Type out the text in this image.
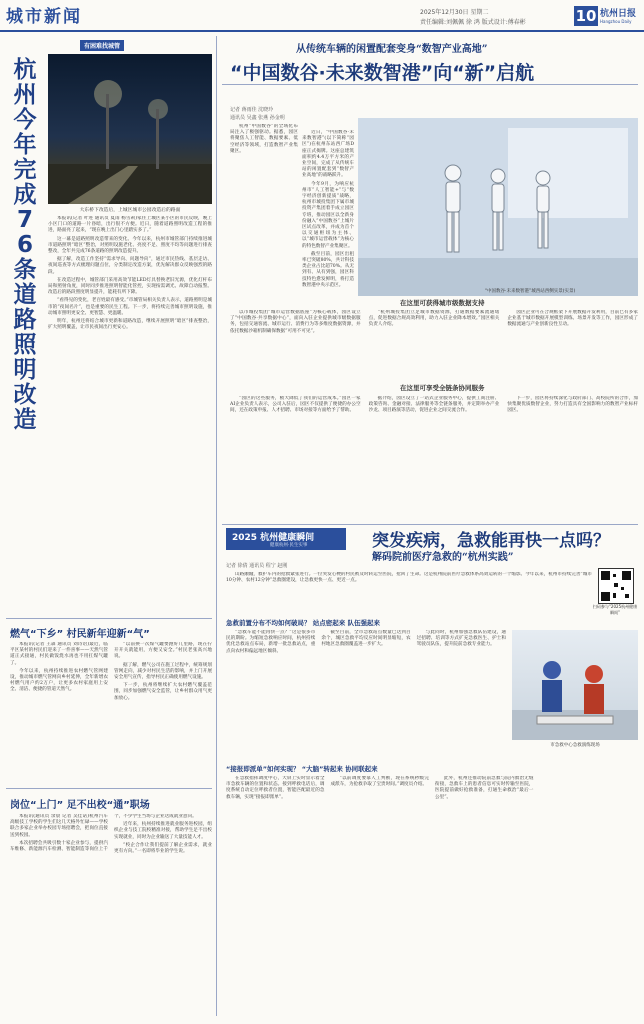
城市新闻	2025年12月30日 星期二
责任编辑:刘佩佩 徐 鸿 版式设计:傅春彬	10 杭州日报
Hangzhou Daily
有困难找城管
杭州今年完成76条道路照明改造
大东桥下改造后，上城区城市公园改造后的路面

本报讯(记者 叶进 通讯员 夏雨 杨雪莉)家住上城区某小区的市民反映，晚上小区门口的道路一片昏暗，出行很不方便。近日，随着道路照明改造工程的推进，路面亮了起来，“现在晚上出门心里踏实多了。”

这一幕是道路照明改造带来的变化。今年以来，杭州市城管部门持续推进城市道路照明“暗区”整治，对照明设施老化、亮度不足、照度不均等问题进行排查整改，全年共完成76条道路的照明改造提升。

据了解，改造工作坚持“需求导向、问题导向”，通过市民热线、基层走访、夜间巡查等方式梳理问题点位，分类制定改造方案，优先解决群众反映强烈的路段。

在改造过程中，城管部门采用高效节能LED灯具替换老旧光源，优化灯杆布局和照射角度，同时同步推进照明智能化管控，实现按需调光、故障自动报警。改造后的路段照度明显提升，能耗有所下降。

“看得见的变化，老百姓最有感受。”市城管局相关负责人表示，道路照明是城市的“夜间名片”，也是重要的民生工程。下一步，将持续完善城市照明设施，推动城市照明更安全、更智慧、更温暖。

明年，杭州还将结合城市更新和道路改造，继续开展照明“暗区”排查整治，扩大照明覆盖，让市民夜间出行更安心。

从传统车辆的闲置配套变身“数智产业高地”
“中国数谷·未来数智港”向“新”启航
记者 蒋雨佳 沈晓玲
通讯员 吴鑫 张燕 孙金明

杭州“中国数谷”的全域化布局注入了极强驱动。据悉，园区将聚焦人工智能、数据要素、低空经济等领域，打造数智产业集聚区。

近日，“中国数谷·未来数智港”(以下简称“园区”)在杭州东站西广场D座正式揭牌。这座总建筑面积约4.4万平方米的产业空间，完成了从传统车站的闲置配套到“数智产业高地”的战略跃升。

今年9月，为响应杭州市“人工智能+”与“数字经济创新提质”战略，杭州市城投集团下属市城投资产集团着手成立园区专班，推动园区以全新身份融入“中国数谷”上城片区试点改革，并成为首个以交通枢纽为主体、以“城市运营载体”为核心的特色数智产业集聚区。

截至目前，园区出租率已突破80%，共计科技类企业占比超70%。从无到有、从有到强，园区科技特色愈发鲜明，将打造数智港中央示范区。

“中国数谷·未来数智港”城西站西侧实景(实景)
在这里可获得城市级数据支持

以市城投集团“城市运营数据底座”为核心载体，园区设立了“中国数谷·共享数据中心”，面向入驻企业提供城市级数据服务，包括交通客流、城市运行、消费行为等多维度数据资源，并依托数据沙箱机制确保数据“可用不可见”。

“杭州城投集团立足城市数据资源，打通数据要素流通堵点，促进数据合规高效利用，助力入驻企业降本增效。”园区相关负责人介绍。

园区企业可在合规框架下开展数据开发利用，目前已有多家企业基于城市数据开展模型训练、场景开发等工作，园区形成了数据流通与产业创新良性互动。

在这里可享受全链条协同服务

“园区的这些服务，极大降低了我们的运营成本。”园区一家AI企业负责人表示，公司入驻后，园区不仅提供了便捷的办公空间，还在政策申报、人才招聘、市场对接等方面给予了帮助。

据介绍，园区设立了一站式企业服务中心，提供工商注册、政策咨询、金融对接、法律服务等全链条服务，并定期举办产业沙龙、项目路演等活动，促进企业之间交流合作。

下一步，园区将持续深化与政府部门、高校院所的合作，加快集聚优质数智企业，努力打造具有全国影响力的数智产业标杆园区。

燃气“下乡” 村民新年迎新“气”

本报讯(记者 王森 通讯员 刘诗语)最近，临平区某村的村民们迎来了一件喜事——天然气管道正式接通，村民做饭烧水再也不用扛煤气罐了。

今年以来，杭州持续推进农村燃气管网建设，推动城市燃气管网向乡村延伸，全年新增农村燃气用户约2万户，让更多农村家庭用上安全、清洁、便捷的管道天然气。

“以前换一次煤气罐要跑好几里路，现在拧开开关就能用，方便又安全。”村民老张高兴地说。

据了解，燃气公司在施工过程中，统筹规划管网走向，减少对村民生活的影响，并上门开展安全用气宣传，指导村民正确使用燃气设施。

下一步，杭州将继续扩大农村燃气覆盖范围，同步加强燃气安全监管，让乡村群众用气更加放心。

岗位“上门” 足不出校“通”职场

本报讯(通讯员 余晨 记者 吴佳诺)杭州汽车高级技工学校的学生们这几天格外忙碌——学校联合多家企业举办校园专场招聘会，把岗位直接送到校园。

本次招聘会共吸引数十家企业参与，提供汽车维修、新能源汽车检测、智能制造等岗位上千个，不少学生当场与企业达成就业意向。

近年来，杭州持续推进就业服务进校园，组织企业与技工院校精准对接，帮助学生足不出校实现就业，同时为企业输送了大量技能人才。

“校企合作让我们提前了解企业需求，就业更有方向。”一名即将毕业的学生说。

2025 杭州健康瞬间
健康杭州·民生实事	突发疾病，急救能再快一点吗？
解码院前医疗急救的“杭州实践”
记者 徐倩 通讯员 程宁 赵刚

山路颠簸，救护车内的抢救紧张进行。一位突发心梗的村民被及时转运至医院，抢回了生命。这是杭州院前医疗急救体系高效运转的一个缩影。今年以来，杭州市持续完善“城市10分钟、农村12分钟”急救圈建设，让急救更快一点、更近一点。

扫码参与“2025杭州健康瞬间”
急救前置分布不均如何破局？ 站点密起来 队伍强起来

“急救车能不能再快一点？”这是很多市民的期盼。为缩短急救响应时间，杭州持续优化急救站点布局，新增一批急救站点，重点向农村和偏远地区倾斜。

截至目前，全市急救站点数量已达到百余个，城区急救平均反应时间明显缩短，农村地区急救圈覆盖进一步扩大。

与此同时，杭州加强急救队伍建设，通过招聘、培训等方式扩充急救医生、护士和驾驶员队伍，提升院前急救专业能力。

市急救中心急救演练现场
“接报即派单”如何实现？ “大脑”转起来 协同联起来

在急救指挥调度中心，大屏上实时显示着全市急救车辆的位置和状态。接到呼救电话后，调度系统自动定位呼救者位置，智能匹配最近的急救车辆，实现“接报即派单”。

“以前调度要靠人工判断，现在系统秒级完成派车，为抢救争取了宝贵时间。”调度员介绍。

此外，杭州还推动院前急救与院内救治无缝衔接，急救车上的患者信息可实时传输至医院，医院提前做好抢救准备，打通生命救治“最后一公里”。
